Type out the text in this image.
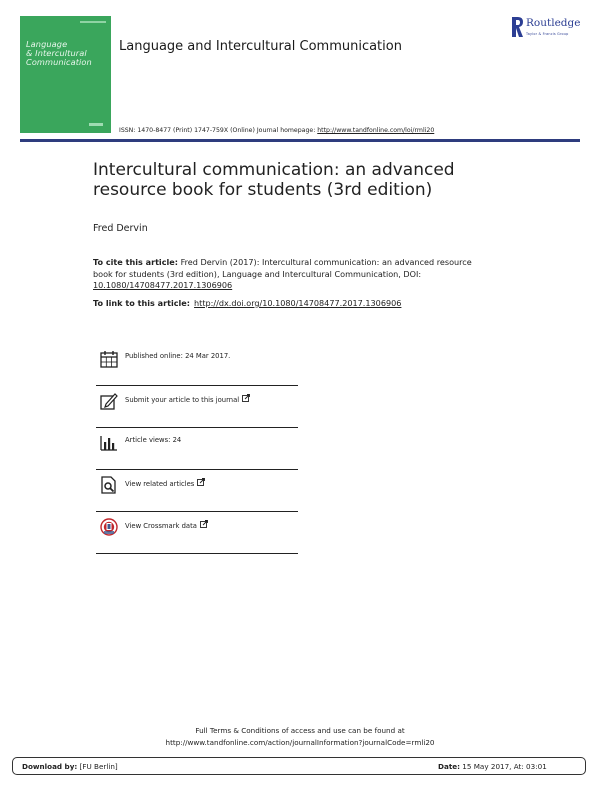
Language
& Intercultural
Communication
Language and Intercultural Communication
Routledge
Taylor & Francis Group
ISSN: 1470-8477 (Print) 1747-759X (Online) Journal homepage: http://www.tandfonline.com/loi/rmli20
Intercultural communication: an advanced resource book for students (3rd edition)
Fred Dervin
To cite this article: Fred Dervin (2017): Intercultural communication: an advanced resource book for students (3rd edition), Language and Intercultural Communication, DOI: 10.1080/14708477.2017.1306906
To link to this article: http://dx.doi.org/10.1080/14708477.2017.1306906
Published online: 24 Mar 2017.
Submit your article to this journal
Article views: 24
View related articles
View Crossmark data
Full Terms & Conditions of access and use can be found at
http://www.tandfonline.com/action/journalInformation?journalCode=rmli20
Download by: [FU Berlin]	Date: 15 May 2017, At: 03:01
